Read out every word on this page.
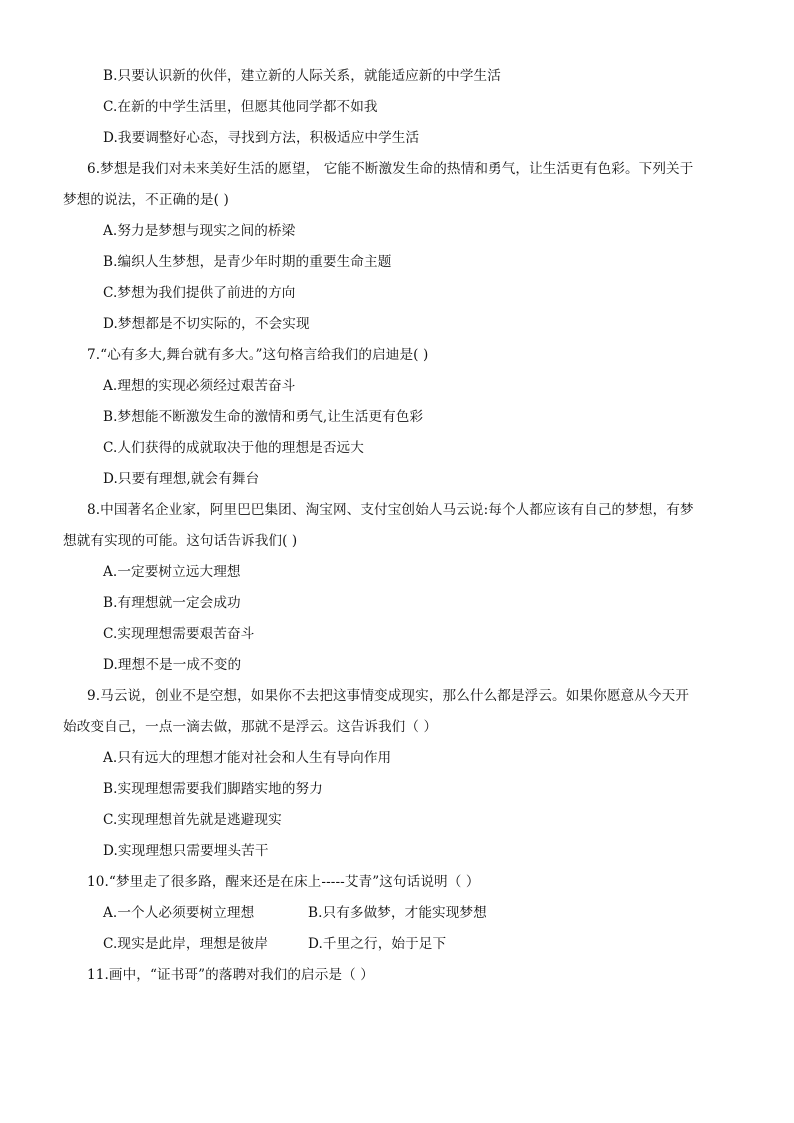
B.只要认识新的伙伴，建立新的人际关系，就能适应新的中学生活
C.在新的中学生活里，但愿其他同学都不如我
D.我要调整好心态，寻找到方法，积极适应中学生活
6.梦想是我们对未来美好生活的愿望， 它能不断激发生命的热情和勇气，让生活更有色彩。下列关于
梦想的说法，不正确的是( )
A.努力是梦想与现实之间的桥梁
B.编织人生梦想，是青少年时期的重要生命主题
C.梦想为我们提供了前进的方向
D.梦想都是不切实际的，不会实现
7.“心有多大,舞台就有多大。”这句格言给我们的启迪是( )
A.理想的实现必须经过艰苦奋斗
B.梦想能不断激发生命的激情和勇气,让生活更有色彩
C.人们获得的成就取决于他的理想是否远大
D.只要有理想,就会有舞台
8.中国著名企业家，阿里巴巴集团、淘宝网、支付宝创始人马云说:每个人都应该有自己的梦想，有梦
想就有实现的可能。这句话告诉我们( )
A.一定要树立远大理想
B.有理想就一定会成功
C.实现理想需要艰苦奋斗
D.理想不是一成不变的
9.马云说，创业不是空想，如果你不去把这事情变成现实，那么什么都是浮云。如果你愿意从今天开
始改变自己，一点一滴去做，那就不是浮云。这告诉我们（ ）
A.只有远大的理想才能对社会和人生有导向作用
B.实现理想需要我们脚踏实地的努力
C.实现理想首先就是逃避现实
D.实现理想只需要埋头苦干
10.“梦里走了很多路，醒来还是在床上-----艾青”这句话说明（ ）
A.一个人必须要树立理想	B.只有多做梦，才能实现梦想
C.现实是此岸，理想是彼岸	D.千里之行，始于足下
11.画中，“证书哥”的落聘对我们的启示是（ ）
